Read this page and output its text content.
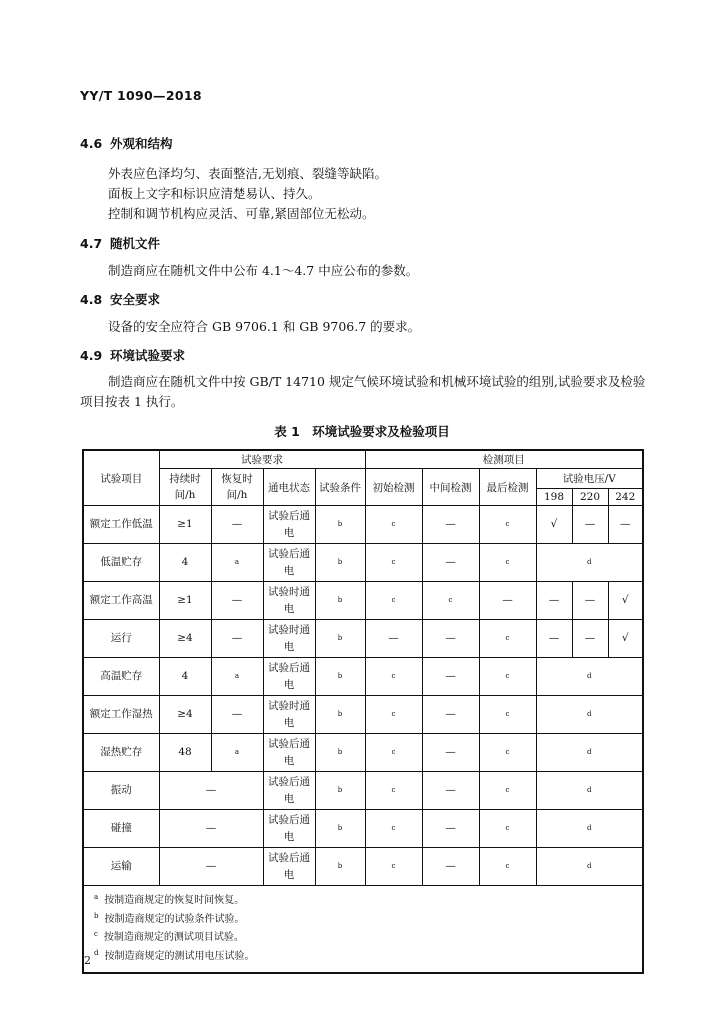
YY/T 1090—2018
4.6 外观和结构
外表应色泽均匀、表面整洁,无划痕、裂缝等缺陷。
面板上文字和标识应清楚易认、持久。
控制和调节机构应灵活、可靠,紧固部位无松动。
4.7 随机文件
制造商应在随机文件中公布 4.1～4.7 中应公布的参数。
4.8 安全要求
设备的安全应符合 GB 9706.1 和 GB 9706.7 的要求。
4.9 环境试验要求
制造商应在随机文件中按 GB/T 14710 规定气候环境试验和机械环境试验的组别,试验要求及检验项目按表 1 执行。
表 1　环境试验要求及检验项目
试验项目	试验要求				检测项目					
	持续时间/h	恢复时间/h	通电状态	试验条件	初始检测	中间检测	最后检测	试验电压/V		
								198	220	242
额定工作低温	≥1	—	试验后通电	b	c	—	c	√	—	—
低温贮存	4	a	试验后通电	b	c	—	c	d		
额定工作高温	≥1	—	试验时通电	b	c	c	—	—	—	√
运行	≥4	—	试验时通电	b	—	—	c	—	—	√
高温贮存	4	a	试验后通电	b	c	—	c	d		
额定工作湿热	≥4	—	试验时通电	b	c	—	c	d		
湿热贮存	48	a	试验后通电	b	c	—	c	d		
振动	—		试验后通电	b	c	—	c	d		
碰撞	—		试验后通电	b	c	—	c	d		
运输	—		试验后通电	b	c	—	c	d		

$^a$ 按制造商规定的恢复时间恢复。
$^b$ 按制造商规定的试验条件试验。
$^c$ 按制造商规定的测试项目试验。
$^d$ 按制造商规定的测试用电压试验。										
2
